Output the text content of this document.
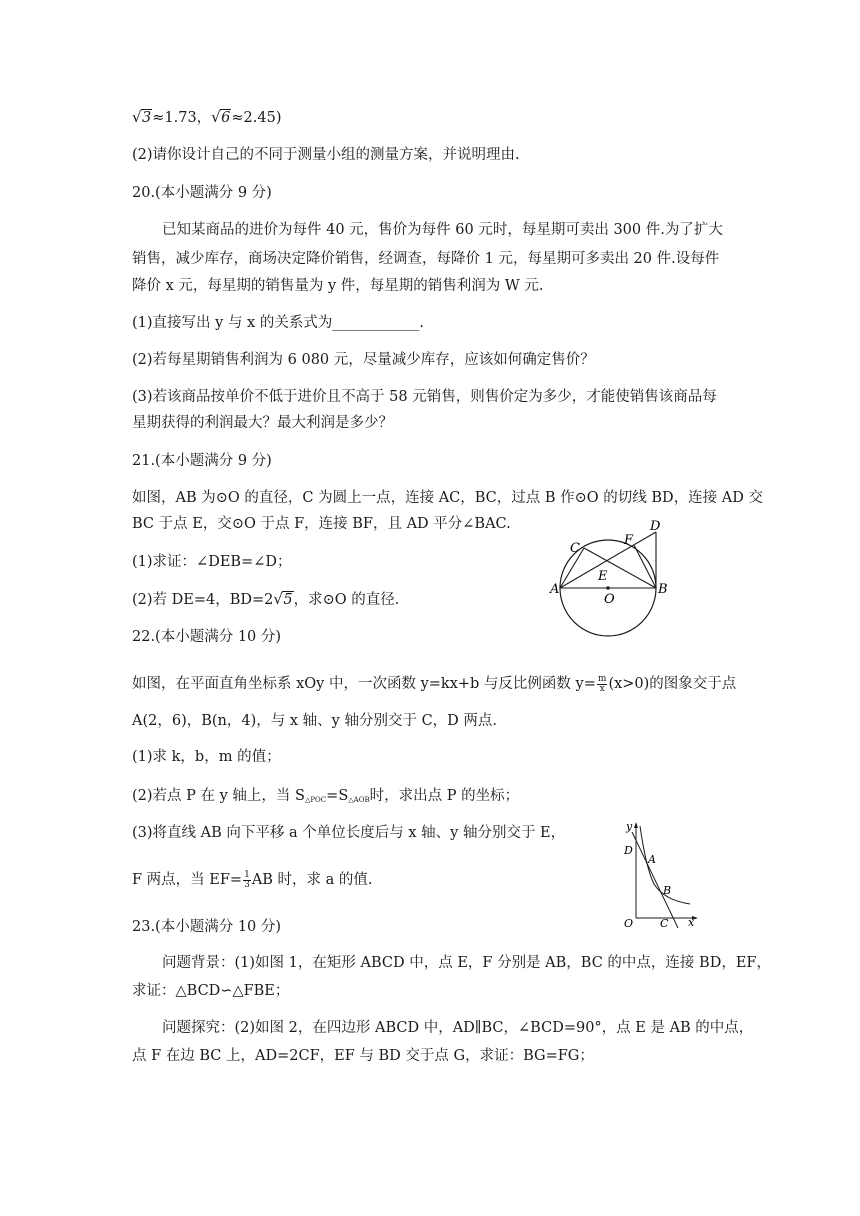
√ 3≈1.73， √ 6≈2.45)
(2)请你设计自己的不同于测量小组的测量方案，并说明理由.
20.(本小题满分 9 分)
已知某商品的进价为每件 40 元，售价为每件 60 元时，每星期可卖出 300 件.为了扩大
销售，减少库存，商场决定降价销售，经调查，每降价 1 元，每星期可多卖出 20 件.设每件
降价 x 元，每星期的销售量为 y 件，每星期的销售利润为 W 元.
(1)直接写出 y 与 x 的关系式为____________.
(2)若每星期销售利润为 6 080 元，尽量减少库存，应该如何确定售价？
(3)若该商品按单价不低于进价且不高于 58 元销售，则售价定为多少，才能使销售该商品每
星期获得的利润最大？最大利润是多少？
21.(本小题满分 9 分)
如图，AB 为⊙O 的直径，C 为圆上一点，连接 AC，BC，过点 B 作⊙O 的切线 BD，连接 AD 交
BC 于点 E，交⊙O 于点 F，连接 BF，且 AD 平分∠BAC.
(1)求证：∠DEB=∠D；
(2)若 DE=4，BD=2 √ 5，求⊙O 的直径.
22.(本小题满分 10 分)
如图，在平面直角坐标系 xOy 中，一次函数 y=kx+b 与反比例函数 $y= \frac{m}{x} (x>0)$的图象交于点
A(2，6)，B(n，4)，与 x 轴、y 轴分别交于 C，D 两点.
(1)求 k，b，m 的值；
(2)若点 P 在 y 轴上，当 $S_{\triangle POC}=S_{\triangle AOB}$时，求出点 P 的坐标；
(3)将直线 AB 向下平移 a 个单位长度后与 x 轴、y 轴分别交于 E，
F 两点，当 $EF= \frac{1}{3}$ AB 时，求 a 的值.
23.(本小题满分 10 分)
问题背景：(1)如图 1，在矩形 ABCD 中，点 E，F 分别是 AB，BC 的中点，连接 BD，EF，
求证：△BCD∽△FBE；
问题探究：(2)如图 2，在四边形 ABCD 中，AD∥BC，∠BCD=90°，点 E 是 AB 的中点，
点 F 在边 BC 上，AD=2CF，EF 与 BD 交于点 G，求证：BG=FG；
A	B
C
D
E
F
O
y
x
O
D
A
B
C
